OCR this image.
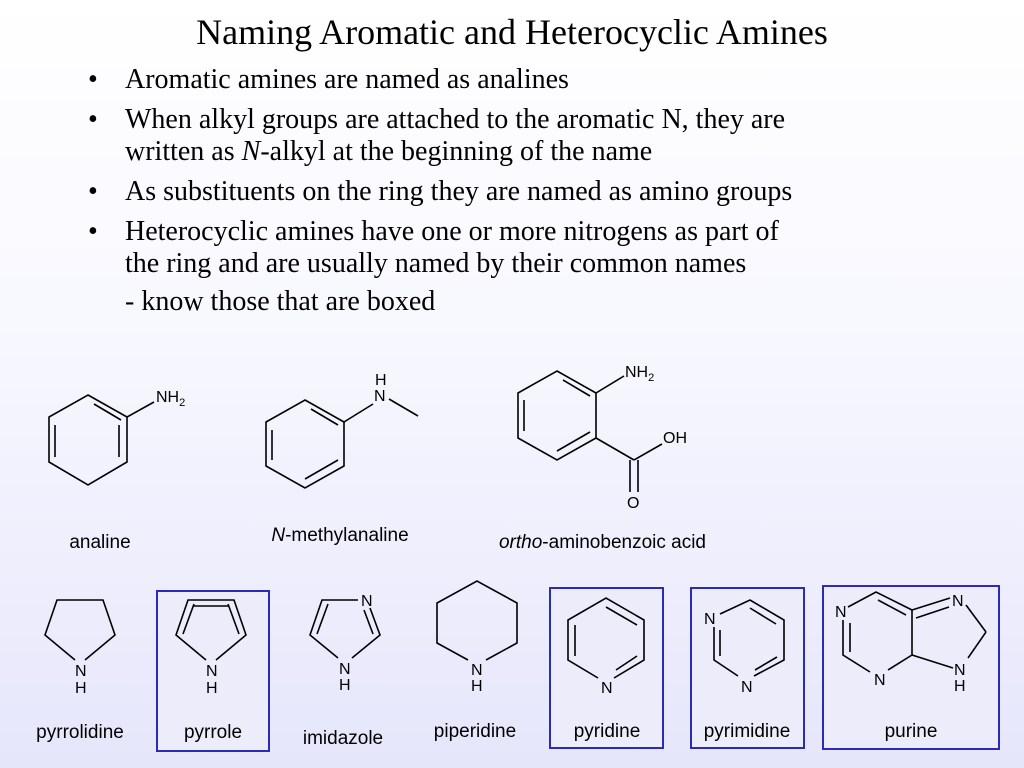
Naming Aromatic and Heterocyclic Amines
• Aromatic amines are named as analines
• When alkyl groups are attached to the aromatic N, they are
written as N-alkyl at the beginning of the name
• As substituents on the ring they are named as amino groups
• Heterocyclic amines have one or more nitrogens as part of
the ring and are usually named by their common names
- know those that are boxed
$NH_2$
analine
H
N
N-methylanaline
$NH_2$
OH
O
ortho-aminobenzoic acid
N
H
pyrrolidine
N
H
pyrrole
N
N
H
imidazole
N
H
piperidine
N
pyridine
N
N
pyrimidine
N
N
N
N
H
purine
